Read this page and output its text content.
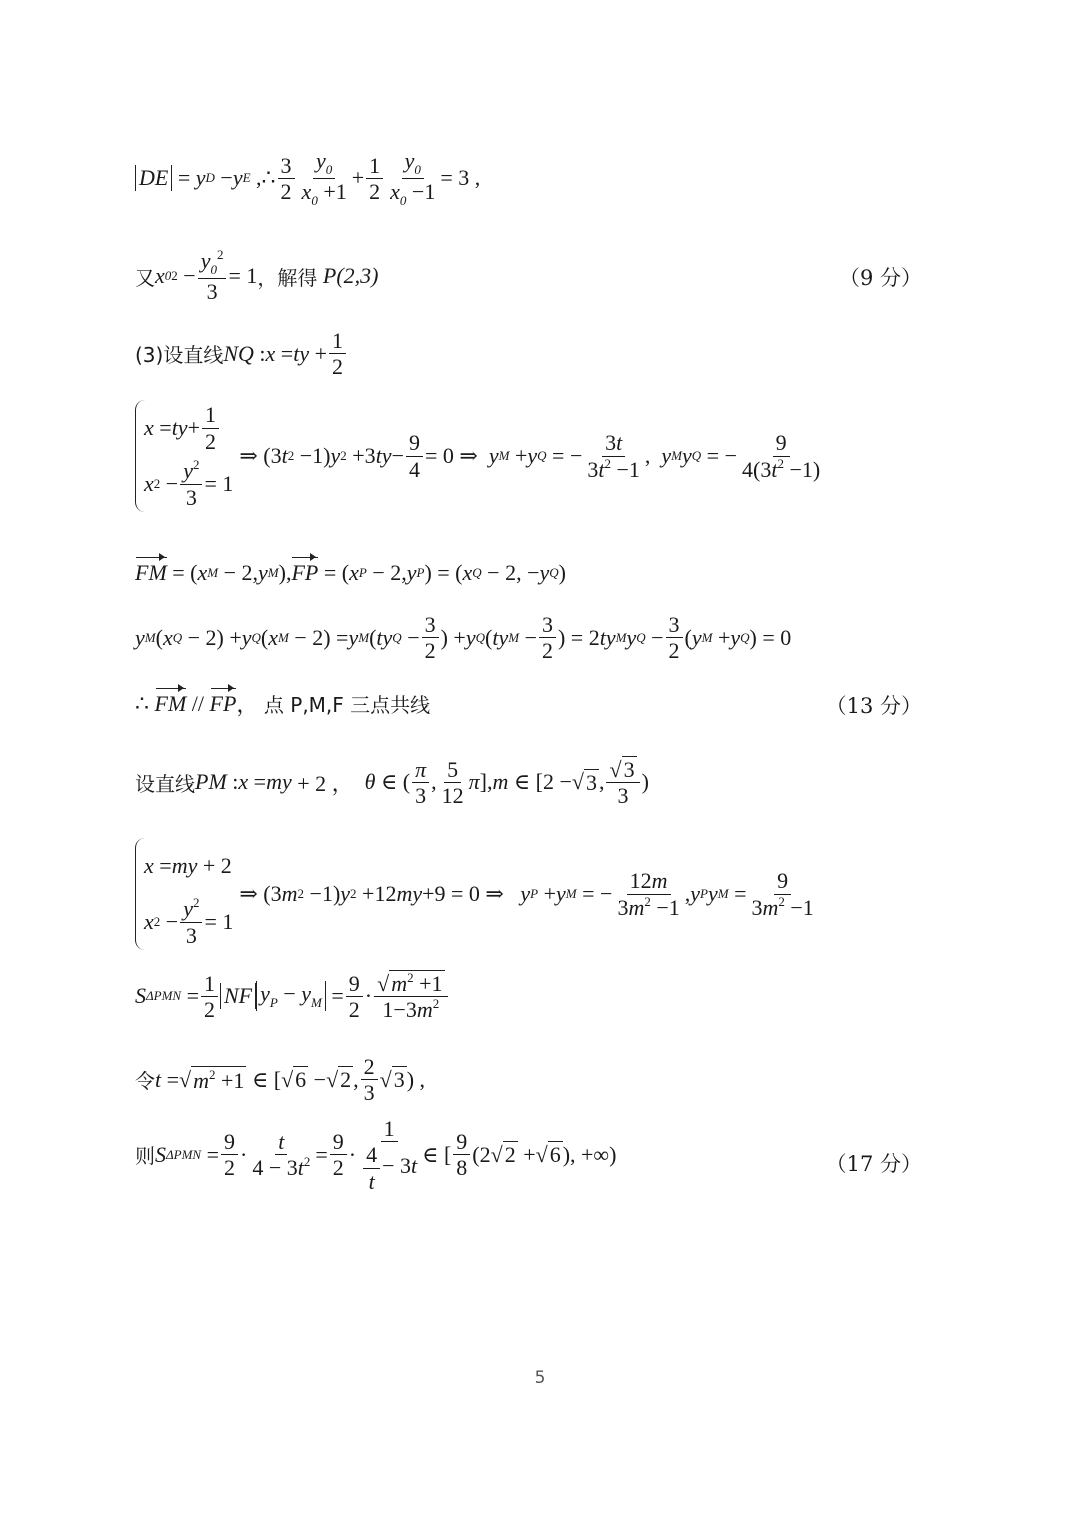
DE = y D − y E ,∴ $\frac{3}{2} \frac{y_0}{x_0 +1} + \frac{1}{2} \frac{y_0}{x_0 -1} = 3$ ,
又 x 0 $2 - \frac{y_0^2}{3} = 1$ ，解得
P(2,3)	（9 分）
(3)设直线 NQ : x = ty + $\frac{1}{2}$
x = ty + $\frac{1}{2}$
x $2 - \frac{y^2}{3} = 1$
⇒ (3 t 2 −1) y 2 +3 ty − $\frac{9}{4} = 0$ ⇒ y M + y Q = − $\frac{3t}{3t^2 -1}$ , y M y Q = − $\frac{9}{4(3t^2 -1)}$
FM = ( x M − 2, y M ), FP = ( x P − 2, y P ) = ( x Q − 2, − y Q )
y M ( x Q − 2) + y Q ( x M − 2) = y M ( ty $Q - \frac{3}{2}$ ) + y Q ( ty $M - \frac{3}{2}$ ) = 2 ty M y $Q - \frac{3}{2}$ ( y M + y Q ) = 0
∴ FM // FP ， 点 P,M,F 三点共线	（13 分）
设直线 PM : x = my + 2 ， θ ∈ ( $\frac{\pi}{3}$ , $\frac{5}{12}$ π ], m ∈ [2 − √ 3 , $\frac{√ 3}{3}$ )
x = my + 2
x $2 - \frac{y^2}{3} = 1$
⇒ (3 m 2 −1) y 2 +12 my +9 = 0 ⇒ y P + y M = − $\frac{12m}{3m^2 -1}$ , y P y $M = \frac{9}{3m^2 -1}$
S $\Delta PMN = \frac{1}{2}$ NF $y_P - y_M = \frac{9}{2} \cdot \frac{√ m^2 +1}{1-3m^2}$
令 t = √ $m^2 +1$ ∈ [ √ 6 − √ 2 , $\frac{2}{3}$ √ 3 ) ,
则 S $\Delta PMN = \frac{9}{2} \cdot \frac{t}{4 - 3t^2} = \frac{9}{2} \cdot \frac{1}{\frac{4}{t} - 3t}$ ∈ [ $\frac{9}{8} (2$ √ 2 + √ 6 ), +∞)	（17 分）
5
